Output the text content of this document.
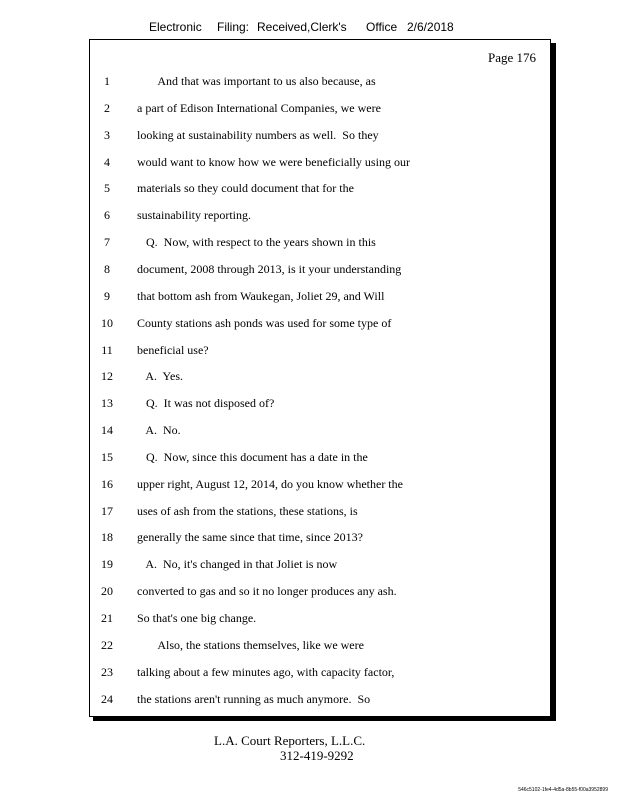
Electronic Filing: Received,Clerk's Office 2/6/2018
Page 176
1	And that was important to us also because, as
2	a part of Edison International Companies, we were
3	looking at sustainability numbers as well.  So they
4	would want to know how we were beneficially using our
5	materials so they could document that for the
6	sustainability reporting.
7	Q.  Now, with respect to the years shown in this
8	document, 2008 through 2013, is it your understanding
9	that bottom ash from Waukegan, Joliet 29, and Will
10	County stations ash ponds was used for some type of
11	beneficial use?
12	A.  Yes.
13	Q.  It was not disposed of?
14	A.  No.
15	Q.  Now, since this document has a date in the
16	upper right, August 12, 2014, do you know whether the
17	uses of ash from the stations, these stations, is
18	generally the same since that time, since 2013?
19	A.  No, it's changed in that Joliet is now
20	converted to gas and so it no longer produces any ash.
21	So that's one big change.
22	Also, the stations themselves, like we were
23	talking about a few minutes ago, with capacity factor,
24	the stations aren't running as much anymore.  So
L.A. Court Reporters, L.L.C.
312-419-9292
546c5102-1fe4-4d5a-8b55-f00a3952899
